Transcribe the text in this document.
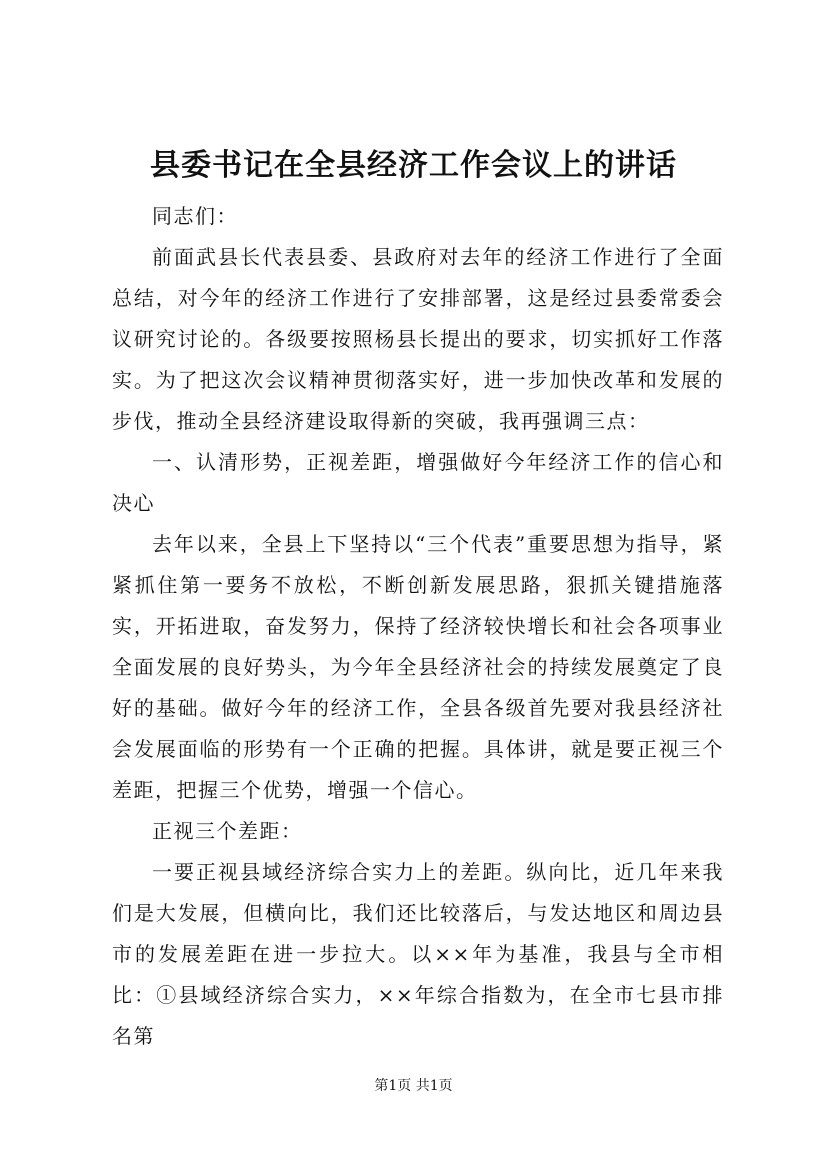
县委书记在全县经济工作会议上的讲话

同志们：

前面武县长代表县委、县政府对去年的经济工作进行了全面总结，对今年的经济工作进行了安排部署，这是经过县委常委会议研究讨论的。各级要按照杨县长提出的要求，切实抓好工作落实。为了把这次会议精神贯彻落实好，进一步加快改革和发展的步伐，推动全县经济建设取得新的突破，我再强调三点：

一、认清形势，正视差距，增强做好今年经济工作的信心和决心

去年以来，全县上下坚持以“三个代表”重要思想为指导，紧紧抓住第一要务不放松，不断创新发展思路，狠抓关键措施落实，开拓进取，奋发努力，保持了经济较快增长和社会各项事业全面发展的良好势头，为今年全县经济社会的持续发展奠定了良好的基础。做好今年的经济工作，全县各级首先要对我县经济社会发展面临的形势有一个正确的把握。具体讲，就是要正视三个差距，把握三个优势，增强一个信心。

正视三个差距：

一要正视县域经济综合实力上的差距。纵向比，近几年来我们是大发展，但横向比，我们还比较落后，与发达地区和周边县市的发展差距在进一步拉大。以××年为基准，我县与全市相比：①县域经济综合实力，××年综合指数为，在全市七县市排名第

第1页 共1页
